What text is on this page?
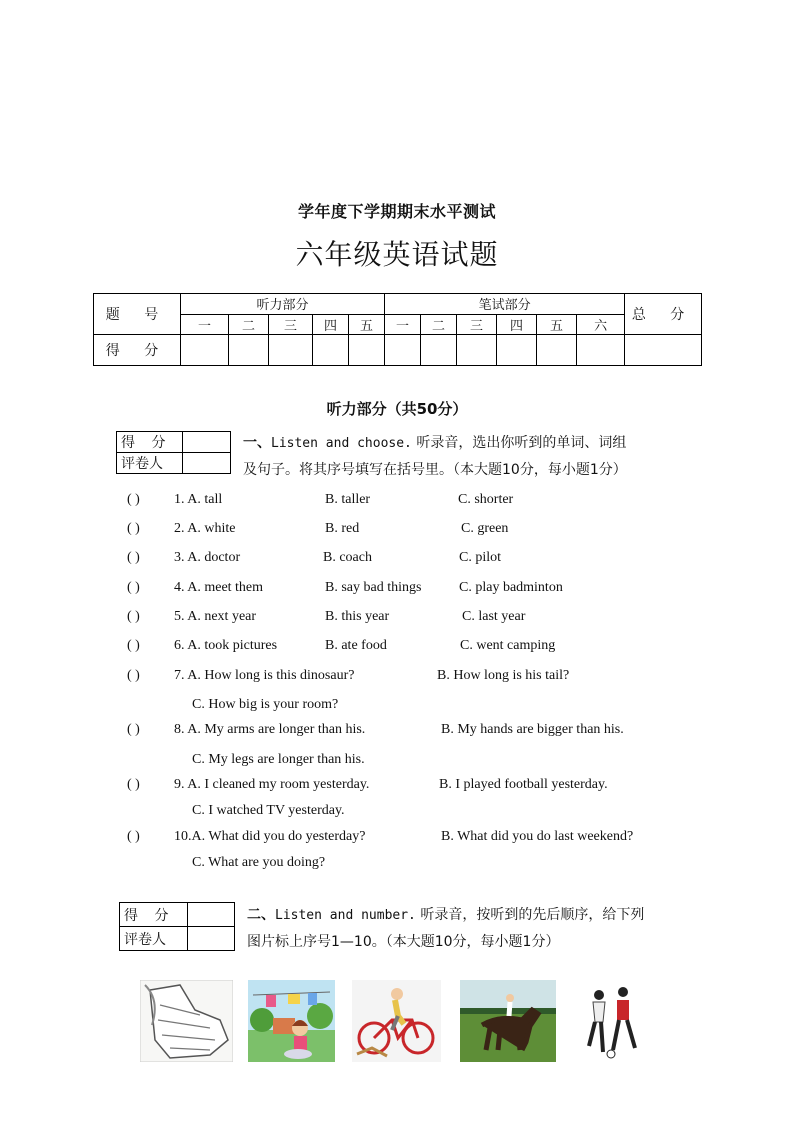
学年度下学期期末水平测试
六年级英语试题
题 号	听力部分					笔试部分						总 分
	一	二	三	四	五	一	二	三	四	五	六	
得 分												
听力部分（共50分）
得 分	
评卷人	
一、Listen and choose. 听录音，选出你听到的单词、词组
及句子。将其序号填写在括号里。（本大题10分，每小题1分）
( ) 1. A. tall	B. taller	C. shorter
( ) 2. A. white	B. red	C. green
( ) 3. A. doctor	B. coach	C. pilot
( ) 4. A. meet them	B. say bad things	C. play badminton
( ) 5. A. next year	B. this year	C. last year
( ) 6. A. took pictures	B. ate food	C. went camping
( ) 7. A. How long is this dinosaur?	B. How long is his tail?
C. How big is your room?
( ) 8. A. My arms are longer than his.	B. My hands are bigger than his.
C. My legs are longer than his.
( ) 9. A. I cleaned my room yesterday.	B. I played football yesterday.
C. I watched TV yesterday.
( ) 10.A. What did you do yesterday?	B. What did you do last weekend?
C. What are you doing?
得 分	
评卷人	
二、Listen and number. 听录音，按听到的先后顺序，给下列
图片标上序号1—10。（本大题10分，每小题1分）
